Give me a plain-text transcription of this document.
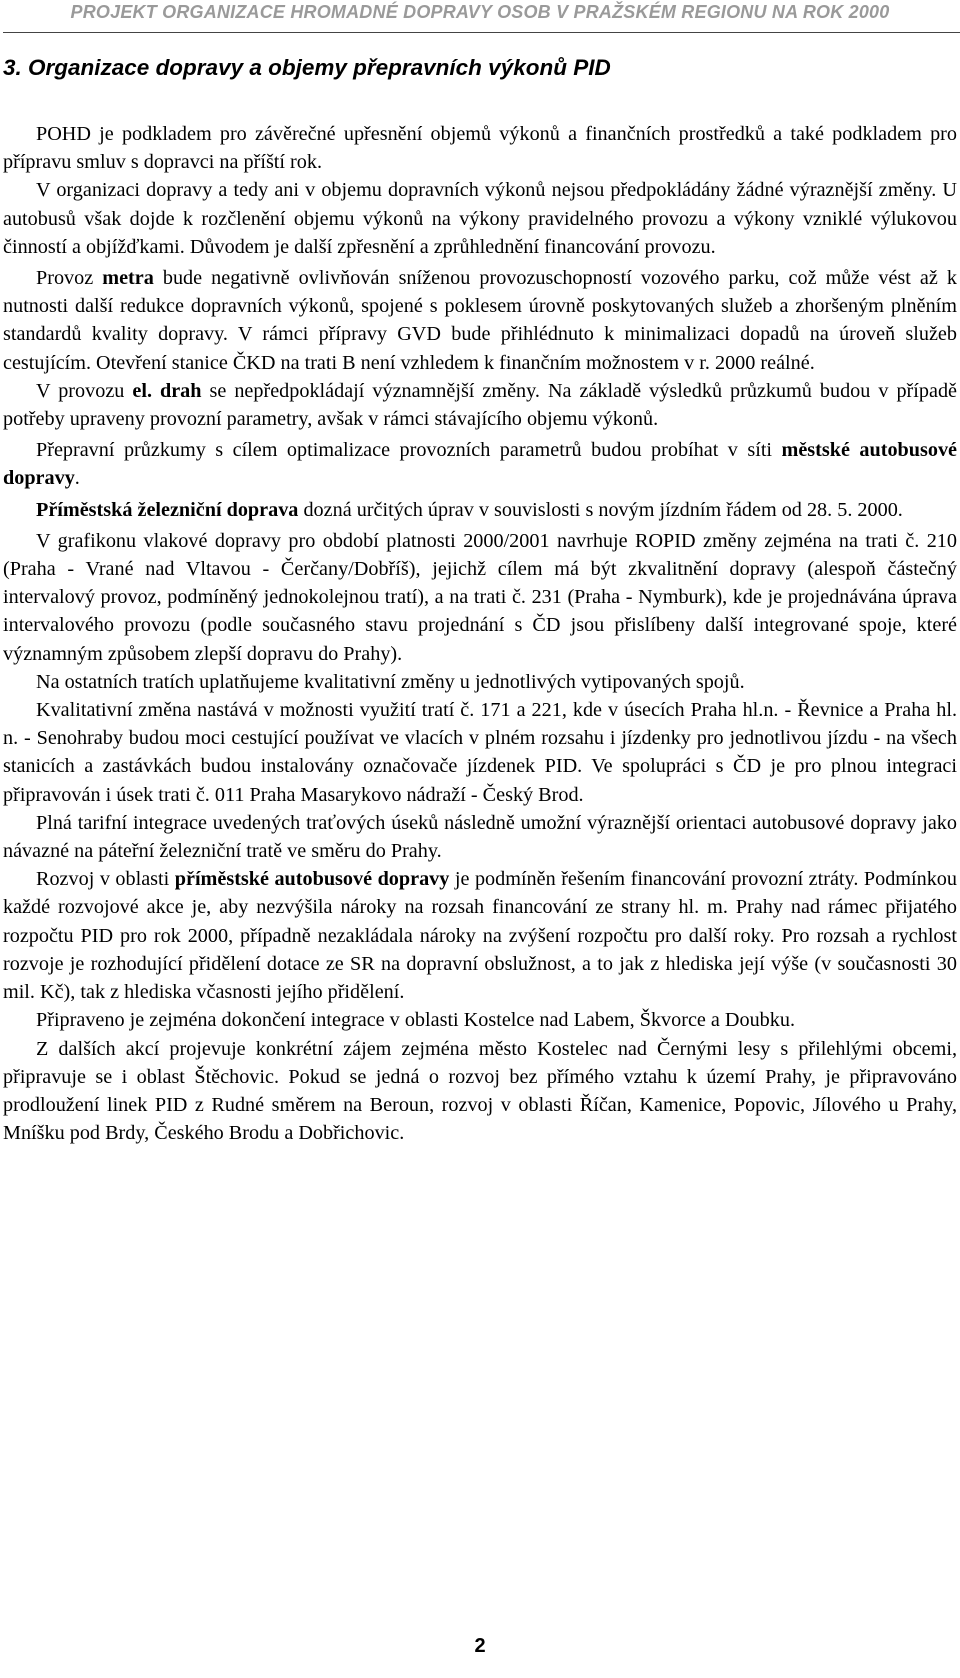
PROJEKT ORGANIZACE HROMADNÉ DOPRAVY OSOB V PRAŽSKÉM REGIONU NA ROK 2000
3. Organizace dopravy a objemy přepravních výkonů PID

POHD je podkladem pro závěrečné upřesnění objemů výkonů a finančních prostředků a také podkladem pro přípravu smluv s dopravci na příští rok.

V organizaci dopravy a tedy ani v objemu dopravních výkonů nejsou předpokládány žádné výraznější změny. U autobusů však dojde k rozčlenění objemu výkonů na výkony pravidelného provozu a výkony vzniklé výlukovou činností a objížďkami. Důvodem je další zpřesnění a zprůhlednění financování provozu.

Provoz metra bude negativně ovlivňován sníženou provozuschopností vozového parku, což může vést až k nutnosti další redukce dopravních výkonů, spojené s poklesem úrovně poskytovaných služeb a zhoršeným plněním standardů kvality dopravy. V rámci přípravy GVD bude přihlédnuto k minimalizaci dopadů na úroveň služeb cestujícím. Otevření stanice ČKD na trati B není vzhledem k finančním možnostem v r. 2000 reálné.

V provozu el. drah se nepředpokládají významnější změny. Na základě výsledků průzkumů budou v případě potřeby upraveny provozní parametry, avšak v rámci stávajícího objemu výkonů.

Přepravní průzkumy s cílem optimalizace provozních parametrů budou probíhat v síti městské autobusové dopravy.

Příměstská železniční doprava dozná určitých úprav v souvislosti s novým jízdním řádem od 28. 5. 2000.

V grafikonu vlakové dopravy pro období platnosti 2000/2001 navrhuje ROPID změny zejména na trati č. 210 (Praha - Vrané nad Vltavou - Čerčany/Dobříš), jejichž cílem má být zkvalitnění dopravy (alespoň částečný intervalový provoz, podmíněný jednokolejnou tratí), a na trati č. 231 (Praha - Nymburk), kde je projednávána úprava intervalového provozu (podle současného stavu projednání s ČD jsou přislíbeny další integrované spoje, které významným způsobem zlepší dopravu do Prahy).

Na ostatních tratích uplatňujeme kvalitativní změny u jednotlivých vytipovaných spojů.

Kvalitativní změna nastává v možnosti využití tratí č. 171 a 221, kde v úsecích Praha hl.n. - Řevnice a Praha hl. n. - Senohraby budou moci cestující používat ve vlacích v plném rozsahu i jízdenky pro jednotlivou jízdu - na všech stanicích a zastávkách budou instalovány označovače jízdenek PID. Ve spolupráci s ČD je pro plnou integraci připravován i úsek trati č. 011 Praha Masarykovo nádraží - Český Brod.

Plná tarifní integrace uvedených traťových úseků následně umožní výraznější orientaci autobusové dopravy jako návazné na páteřní železniční tratě ve směru do Prahy.

Rozvoj v oblasti příměstské autobusové dopravy je podmíněn řešením financování provozní ztráty. Podmínkou každé rozvojové akce je, aby nezvýšila nároky na rozsah financování ze strany hl. m. Prahy nad rámec přijatého rozpočtu PID pro rok 2000, případně nezakládala nároky na zvýšení rozpočtu pro další roky. Pro rozsah a rychlost rozvoje je rozhodující přidělení dotace ze SR na dopravní obslužnost, a to jak z hlediska její výše (v současnosti 30 mil. Kč), tak z hlediska včasnosti jejího přidělení.

Připraveno je zejména dokončení integrace v oblasti Kostelce nad Labem, Škvorce a Doubku.

Z dalších akcí projevuje konkrétní zájem zejména město Kostelec nad Černými lesy s přilehlými obcemi, připravuje se i oblast Štěchovic. Pokud se jedná o rozvoj bez přímého vztahu k území Prahy, je připravováno prodloužení linek PID z Rudné směrem na Beroun, rozvoj v oblasti Říčan, Kamenice, Popovic, Jílového u Prahy, Mníšku pod Brdy, Českého Brodu a Dobřichovic.

2
